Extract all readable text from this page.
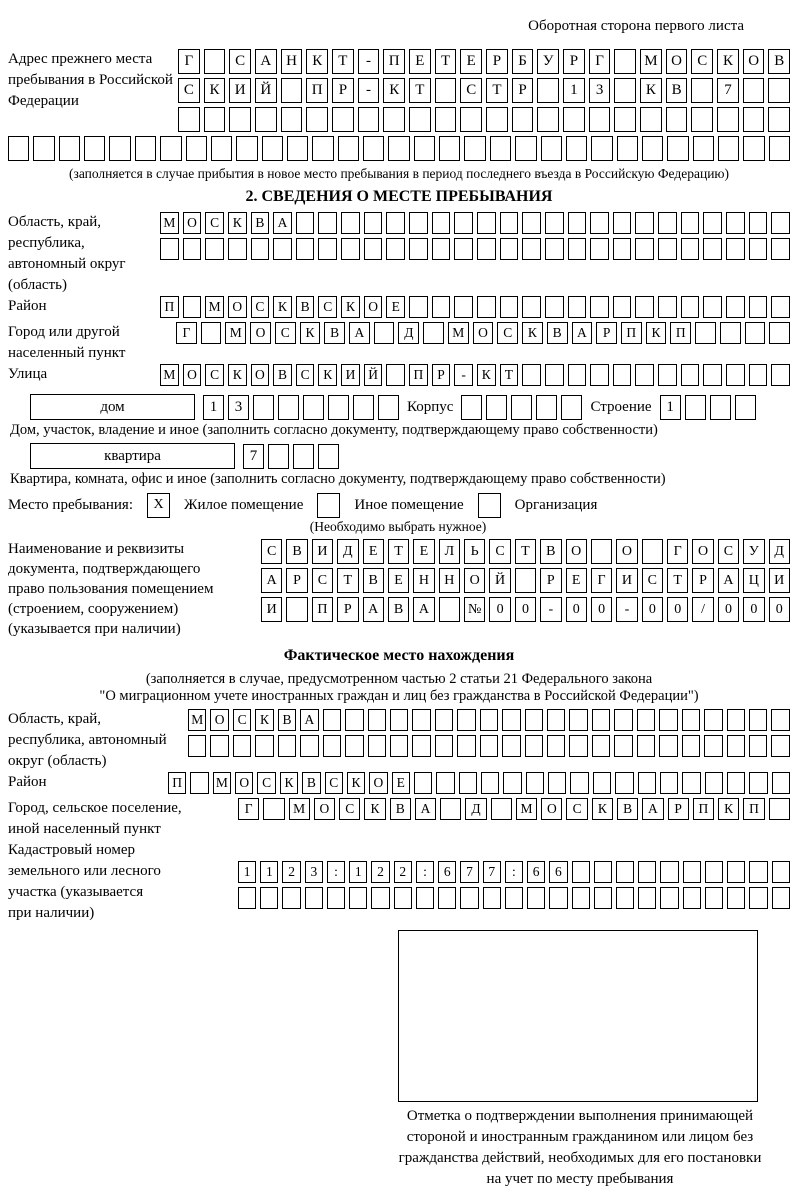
Оборотная сторона первого листа
Адрес прежнего места пребывания в Российской Федерации
Г	С	А Н	К	Т	-	П	Е	Т	Е	Р	Б	У	Р	Г	М О	С	К	О	В
С	К	И Й	П	Р	-	К	Т	С	Т	Р	1	3	К	В	7
(заполняется в случае прибытия в новое место пребывания в период последнего въезда в Российскую Федерацию)
2. СВЕДЕНИЯ О МЕСТЕ ПРЕБЫВАНИЯ
Область, край, республика, автономный округ (область)
М О С	К	В А
Район	П	М О С	К	В	С	К О	Е
Город или другой населенный пункт
Г	М	О	С	К	В	А	Д	М	О	С	К	В	А	Р	П	К	П
Улица	М О С	К О В	С	К И Й	П	Р	-	К	Т
дом	1	3	Корпус	Строение 1
Дом, участок, владение и иное (заполнить согласно документу, подтверждающему право собственности)
квартира	7
Квартира, комната, офис и иное (заполнить согласно документу, подтверждающему право собственности)
Место пребывания:	X	Жилое помещение	Иное помещение	Организация
(Необходимо выбрать нужное)
Наименование и реквизиты документа, подтверждающего право пользования помещением (строением, сооружением) (указывается при наличии)
С	В	И	Д	Е	Т	Е	Л	Ь	С	Т	В	О	О	Г	О	С	У	Д
А	Р	С	Т	В	Е	Н	Н	О	Й	Р	Е	Г	И	С	Т	Р	А	Ц	И
И	П	Р	А	В	А	№	0	0	-	0	0	-	0	0	/	0	0	0
Фактическое место нахождения
(заполняется в случае, предусмотренном частью 2 статьи 21 Федерального закона
"О миграционном учете иностранных граждан и лиц без гражданства в Российской Федерации")
Область, край, республика, автономный округ (область)
М О С К В А
Район	П	М О С К В С К О Е
Город, сельское поселение, иной населенный пункт
Г	М	О	С	К	В	А	Д	М	О	С	К	В	А	Р	П	К	П
Кадастровый номер земельного или лесного участка (указывается при наличии)
1	1	2	3	:	1	2	2	:	6	7	7	:	6	6
Отметка о подтверждении выполнения принимающей
стороной и иностранным гражданином или лицом без
гражданства действий, необходимых для его постановки
на учет по месту пребывания
